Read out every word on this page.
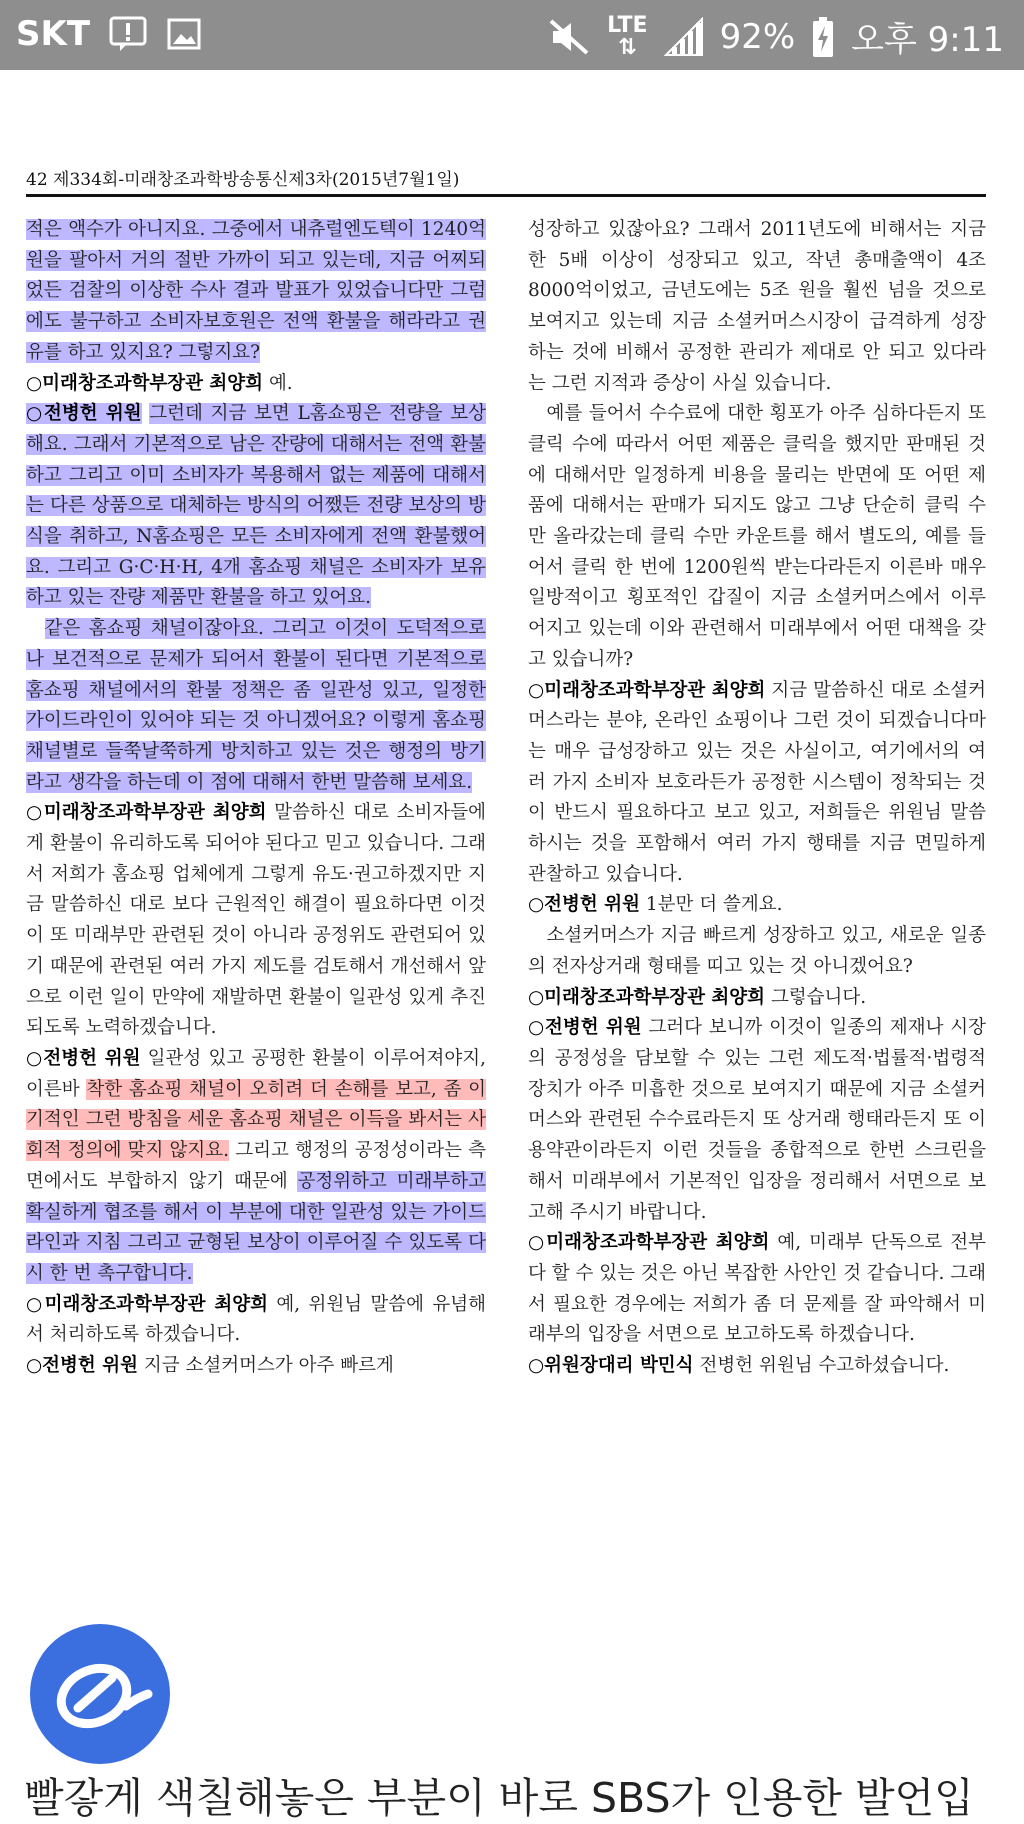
SKT	LTE
⇅	92% 오후 9:11
42 제334회-미래창조과학방송통신제3차(2015년7월1일)

적은 액수가 아니지요. 그중에서 내츄럴엔도텍이 1240억 원을 팔아서 거의 절반 가까이 되고 있는데, 지금 어찌되었든 검찰의 이상한 수사 결과 발표가 있었습니다만 그럼에도 불구하고 소비자보호원은 전액 환불을 해라라고 권유를 하고 있지요? 그렇지요?

○미래창조과학부장관 최양희 예.

○전병헌 위원 그런데 지금 보면 L홈쇼핑은 전량을 보상해요. 그래서 기본적으로 남은 잔량에 대해서는 전액 환불하고 그리고 이미 소비자가 복용해서 없는 제품에 대해서는 다른 상품으로 대체하는 방식의 어쨌든 전량 보상의 방식을 취하고, N홈쇼핑은 모든 소비자에게 전액 환불했어요. 그리고 G·C·H·H, 4개 홈쇼핑 채널은 소비자가 보유하고 있는 잔량 제품만 환불을 하고 있어요.

같은 홈쇼핑 채널이잖아요. 그리고 이것이 도덕적으로나 보건적으로 문제가 되어서 환불이 된다면 기본적으로 홈쇼핑 채널에서의 환불 정책은 좀 일관성 있고, 일정한 가이드라인이 있어야 되는 것 아니겠어요? 이렇게 홈쇼핑 채널별로 들쭉날쭉하게 방치하고 있는 것은 행정의 방기라고 생각을 하는데 이 점에 대해서 한번 말씀해 보세요.

○미래창조과학부장관 최양희 말씀하신 대로 소비자들에게 환불이 유리하도록 되어야 된다고 믿고 있습니다. 그래서 저희가 홈쇼핑 업체에게 그렇게 유도·권고하겠지만 지금 말씀하신 대로 보다 근원적인 해결이 필요하다면 이것이 또 미래부만 관련된 것이 아니라 공정위도 관련되어 있기 때문에 관련된 여러 가지 제도를 검토해서 개선해서 앞으로 이런 일이 만약에 재발하면 환불이 일관성 있게 추진되도록 노력하겠습니다.

○전병헌 위원 일관성 있고 공평한 환불이 이루어져야지, 이른바 착한 홈쇼핑 채널이 오히려 더 손해를 보고, 좀 이기적인 그런 방침을 세운 홈쇼핑 채널은 이득을 봐서는 사회적 정의에 맞지 않지요. 그리고 행정의 공정성이라는 측면에서도 부합하지 않기 때문에 공정위하고 미래부하고 확실하게 협조를 해서 이 부분에 대한 일관성 있는 가이드라인과 지침 그리고 균형된 보상이 이루어질 수 있도록 다시 한 번 촉구합니다.

○미래창조과학부장관 최양희 예, 위원님 말씀에 유념해서 처리하도록 하겠습니다.

○전병헌 위원 지금 소셜커머스가 아주 빠르게

성장하고 있잖아요? 그래서 2011년도에 비해서는 지금 한 5배 이상이 성장되고 있고, 작년 총매출액이 4조 8000억이었고, 금년도에는 5조 원을 훨씬 넘을 것으로 보여지고 있는데 지금 소셜커머스시장이 급격하게 성장하는 것에 비해서 공정한 관리가 제대로 안 되고 있다라는 그런 지적과 증상이 사실 있습니다.

예를 들어서 수수료에 대한 횡포가 아주 심하다든지 또 클릭 수에 따라서 어떤 제품은 클릭을 했지만 판매된 것에 대해서만 일정하게 비용을 물리는 반면에 또 어떤 제품에 대해서는 판매가 되지도 않고 그냥 단순히 클릭 수만 올라갔는데 클릭 수만 카운트를 해서 별도의, 예를 들어서 클릭 한 번에 1200원씩 받는다라든지 이른바 매우 일방적이고 횡포적인 갑질이 지금 소셜커머스에서 이루어지고 있는데 이와 관련해서 미래부에서 어떤 대책을 갖고 있습니까?

○미래창조과학부장관 최양희 지금 말씀하신 대로 소셜커머스라는 분야, 온라인 쇼핑이나 그런 것이 되겠습니다마는 매우 급성장하고 있는 것은 사실이고, 여기에서의 여러 가지 소비자 보호라든가 공정한 시스템이 정착되는 것이 반드시 필요하다고 보고 있고, 저희들은 위원님 말씀하시는 것을 포함해서 여러 가지 행태를 지금 면밀하게 관찰하고 있습니다.

○전병헌 위원 1분만 더 쓸게요.

소셜커머스가 지금 빠르게 성장하고 있고, 새로운 일종의 전자상거래 형태를 띠고 있는 것 아니겠어요?

○미래창조과학부장관 최양희 그렇습니다.

○전병헌 위원 그러다 보니까 이것이 일종의 제재나 시장의 공정성을 담보할 수 있는 그런 제도적·법률적·법령적 장치가 아주 미흡한 것으로 보여지기 때문에 지금 소셜커머스와 관련된 수수료라든지 또 상거래 행태라든지 또 이용약관이라든지 이런 것들을 종합적으로 한번 스크린을 해서 미래부에서 기본적인 입장을 정리해서 서면으로 보고해 주시기 바랍니다.

○미래창조과학부장관 최양희 예, 미래부 단독으로 전부 다 할 수 있는 것은 아닌 복잡한 사안인 것 같습니다. 그래서 필요한 경우에는 저희가 좀 더 문제를 잘 파악해서 미래부의 입장을 서면으로 보고하도록 하겠습니다.

○위원장대리 박민식 전병헌 위원님 수고하셨습니다.

빨갛게 색칠해놓은 부분이 바로 SBS가 인용한 발언입
